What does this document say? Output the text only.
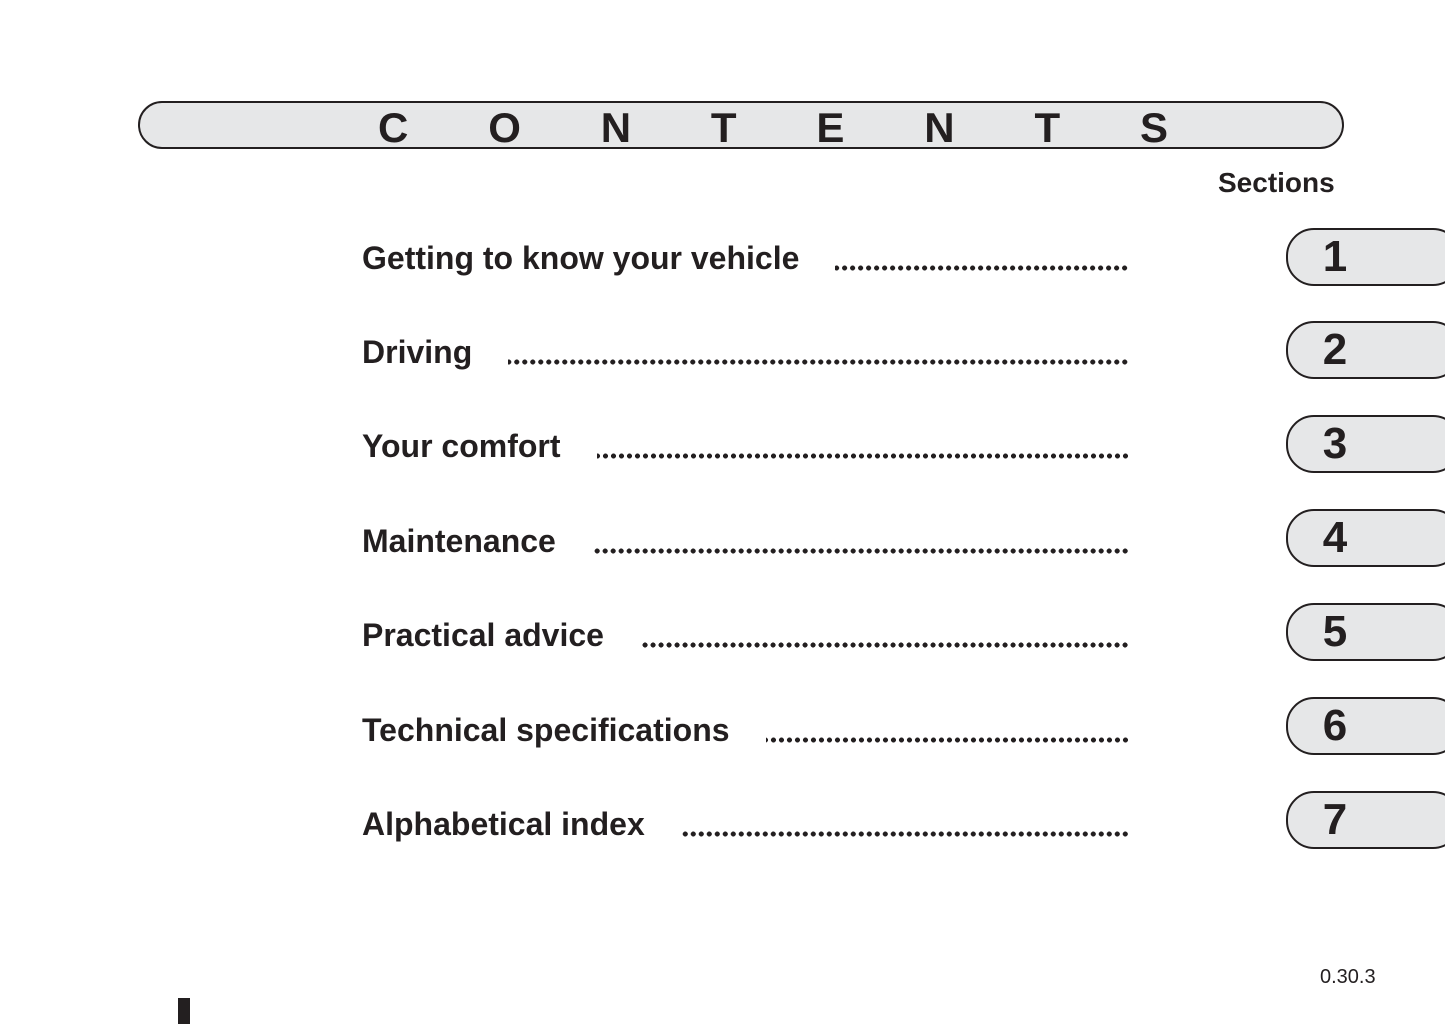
C O N T E N T S
Sections
Getting to know your vehicle	1
Driving	2
Your comfort	3
Maintenance	4
Practical advice	5
Technical specifications	6
Alphabetical index	7
0.30.3
